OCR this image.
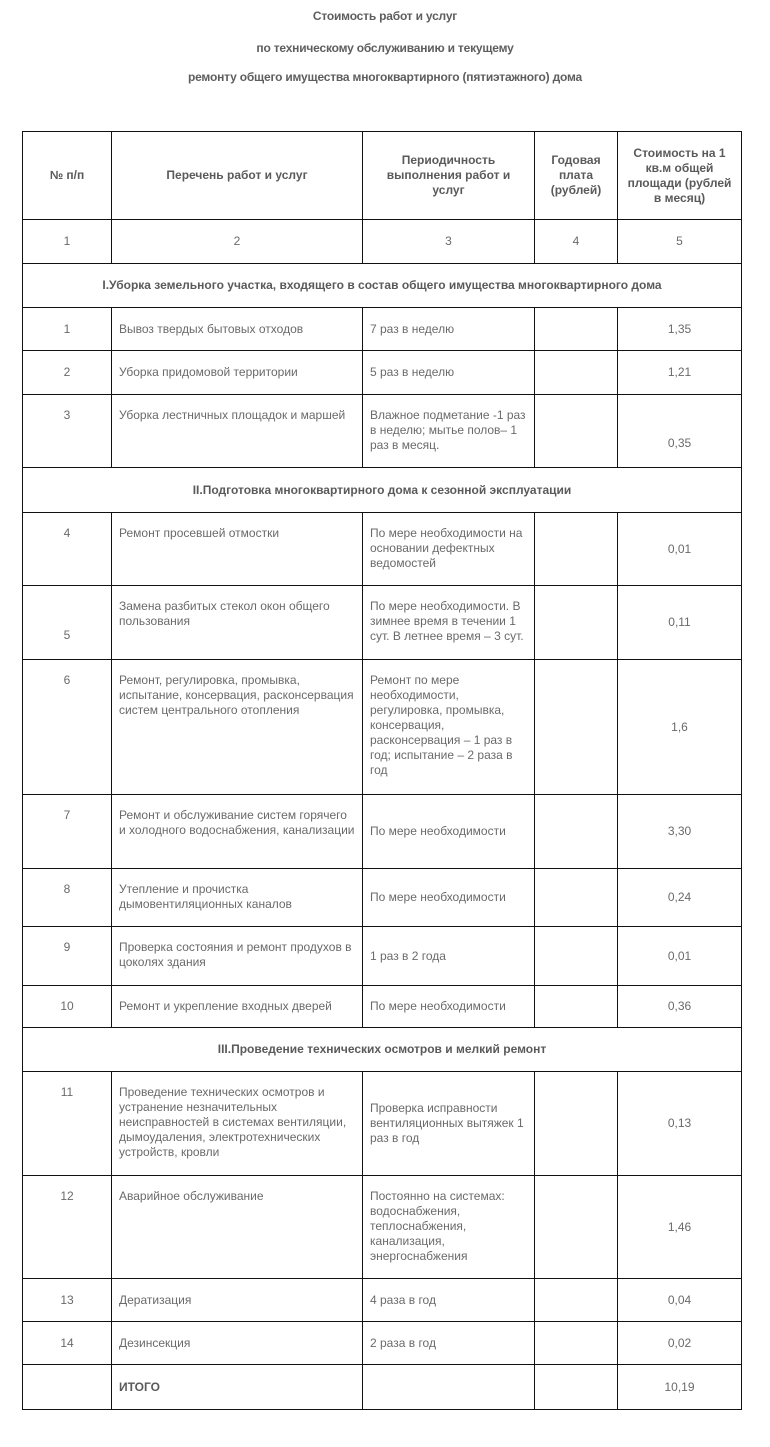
Стоимость работ и услуг
по техническому обслуживанию и текущему
ремонту общего имущества многоквартирного (пятиэтажного) дома
№ п/п	Перечень работ и услуг	Периодичность выполнения работ и услуг	Годовая плата (рублей)	Стоимость на 1 кв.м общей площади (рублей в месяц)
1	2	3	4	5
I.Уборка земельного участка, входящего в состав общего имущества многоквартирного дома				
1	Вывоз твердых бытовых отходов	7 раз в неделю		1,35
2	Уборка придомовой территории	5 раз в неделю		1,21
3	Уборка лестничных площадок и маршей	Влажное подметание -1 раз в неделю; мытье полов– 1 раз в месяц.		0,35
II.Подготовка многоквартирного дома к сезонной эксплуатации				
4	Ремонт просевшей отмостки	По мере необходимости на основании дефектных ведомостей		0,01
5	Замена разбитых стекол окон общего пользования	По мере необходимости. В зимнее время в течении 1 сут. В летнее время – 3 сут.		0,11
6	Ремонт, регулировка, промывка, испытание, консервация, расконсервация систем центрального отопления	Ремонт по мере необходимости, регулировка, промывка, консервация, расконсервация – 1 раз в год; испытание – 2 раза в год		1,6
7	Ремонт и обслуживание систем горячего и холодного водоснабжения, канализации	По мере необходимости		3,30
8	Утепление и прочистка дымовентиляционных каналов	По мере необходимости		0,24
9	Проверка состояния и ремонт продухов в цоколях здания	1 раз в 2 года		0,01
10	Ремонт и укрепление входных дверей	По мере необходимости		0,36
III.Проведение технических осмотров и мелкий ремонт				
11	Проведение технических осмотров и устранение незначительных неисправностей в системах вентиляции, дымоудаления, электротехнических устройств, кровли	Проверка исправности вентиляционных вытяжек 1 раз в год		0,13
12	Аварийное обслуживание	Постоянно на системах: водоснабжения, теплоснабжения, канализация, энергоснабжения		1,46
13	Дератизация	4 раза в год		0,04
14	Дезинсекция	2 раза в год		0,02
	ИТОГО			10,19
